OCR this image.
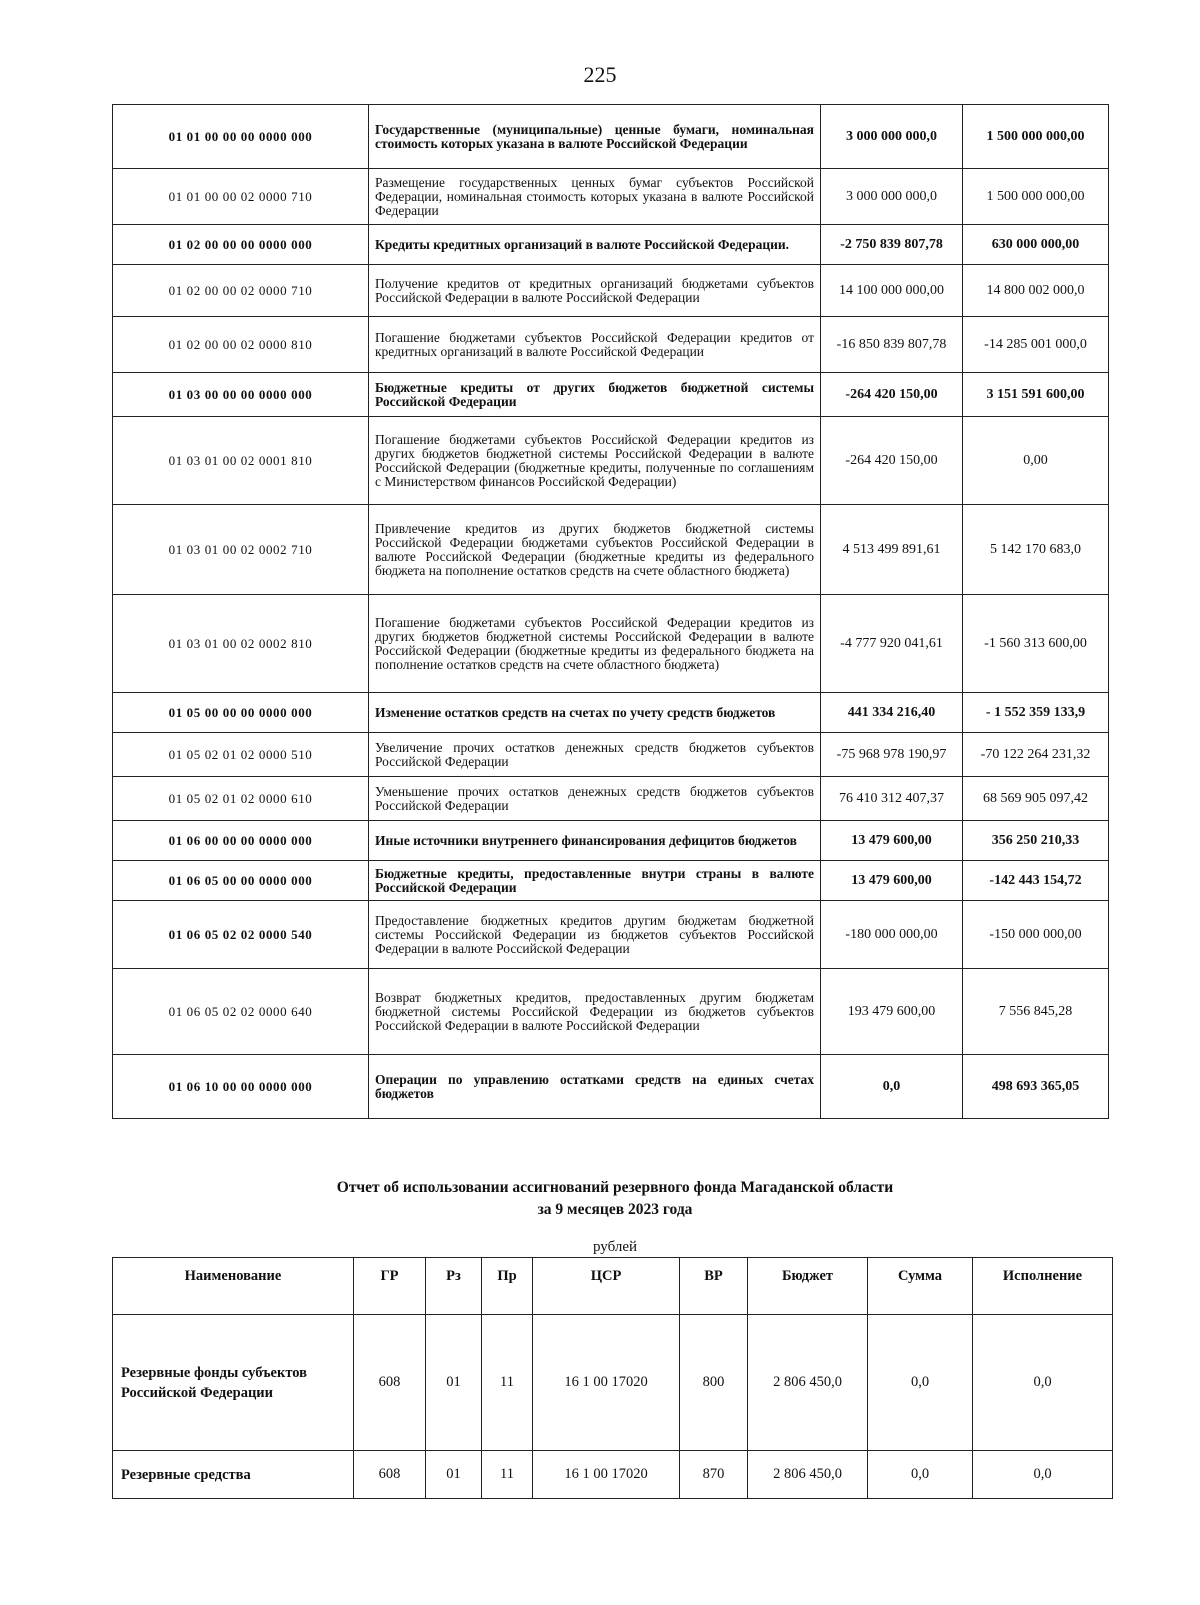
225
01 01 00 00 00 0000 000	Государственные (муниципальные) ценные бумаги, номинальная стоимость которых указана в валюте Российской Федерации	3 000 000 000,0	1 500 000 000,00
01 01 00 00 02 0000 710	Размещение государственных ценных бумаг субъектов Российской Федерации, номинальная стоимость которых указана в валюте Российской Федерации	3 000 000 000,0	1 500 000 000,00
01 02 00 00 00 0000 000	Кредиты кредитных организаций в валюте Российской Федерации.	-2 750 839 807,78	630 000 000,00
01 02 00 00 02 0000 710	Получение кредитов от кредитных организаций бюджетами субъектов Российской Федерации в валюте Российской Федерации	14 100 000 000,00	14 800 002 000,0
01 02 00 00 02 0000 810	Погашение бюджетами субъектов Российской Федерации кредитов от кредитных организаций в валюте Российской Федерации	-16 850 839 807,78	-14 285 001 000,0
01 03 00 00 00 0000 000	Бюджетные кредиты от других бюджетов бюджетной системы Российской Федерации	-264 420 150,00	3 151 591 600,00
01 03 01 00 02 0001 810	Погашение бюджетами субъектов Российской Федерации кредитов из других бюджетов бюджетной системы Российской Федерации в валюте Российской Федерации (бюджетные кредиты, полученные по соглашениям с Министерством финансов Российской Федерации)	-264 420 150,00	0,00
01 03 01 00 02 0002 710	Привлечение кредитов из других бюджетов бюджетной системы Российской Федерации бюджетами субъектов Российской Федерации в валюте Российской Федерации (бюджетные кредиты из федерального бюджета на пополнение остатков средств на счете областного бюджета)	4 513 499 891,61	5 142 170 683,0
01 03 01 00 02 0002 810	Погашение бюджетами субъектов Российской Федерации кредитов из других бюджетов бюджетной системы Российской Федерации в валюте Российской Федерации (бюджетные кредиты из федерального бюджета на пополнение остатков средств на счете областного бюджета)	-4 777 920 041,61	-1 560 313 600,00
01 05 00 00 00 0000 000	Изменение остатков средств на счетах по учету средств бюджетов	441 334 216,40	- 1 552 359 133,9
01 05 02 01 02 0000 510	Увеличение прочих остатков денежных средств бюджетов субъектов Российской Федерации	-75 968 978 190,97	-70 122 264 231,32
01 05 02 01 02 0000 610	Уменьшение прочих остатков денежных средств бюджетов субъектов Российской Федерации	76 410 312 407,37	68 569 905 097,42
01 06 00 00 00 0000 000	Иные источники внутреннего финансирования дефицитов бюджетов	13 479 600,00	356 250 210,33
01 06 05 00 00 0000 000	Бюджетные кредиты, предоставленные внутри страны в валюте Российской Федерации	13 479 600,00	-142 443 154,72
01 06 05 02 02 0000 540	Предоставление бюджетных кредитов другим бюджетам бюджетной системы Российской Федерации из бюджетов субъектов Российской Федерации в валюте Российской Федерации	-180 000 000,00	-150 000 000,00
01 06 05 02 02 0000 640	Возврат бюджетных кредитов, предоставленных другим бюджетам бюджетной системы Российской Федерации из бюджетов субъектов Российской Федерации в валюте Российской Федерации	193 479 600,00	7 556 845,28
01 06 10 00 00 0000 000	Операции по управлению остатками средств на единых счетах бюджетов	0,0	498 693 365,05
Отчет об использовании ассигнований резервного фонда Магаданской области
за 9 месяцев 2023 года
рублей
Наименование	ГР	Рз	Пр	ЦСР	ВР	Бюджет	Сумма	Исполнение
Резервные фонды субъектов Российской Федерации	608	01	11	16 1 00 17020	800	2 806 450,0	0,0	0,0
Резервные средства	608	01	11	16 1 00 17020	870	2 806 450,0	0,0	0,0
